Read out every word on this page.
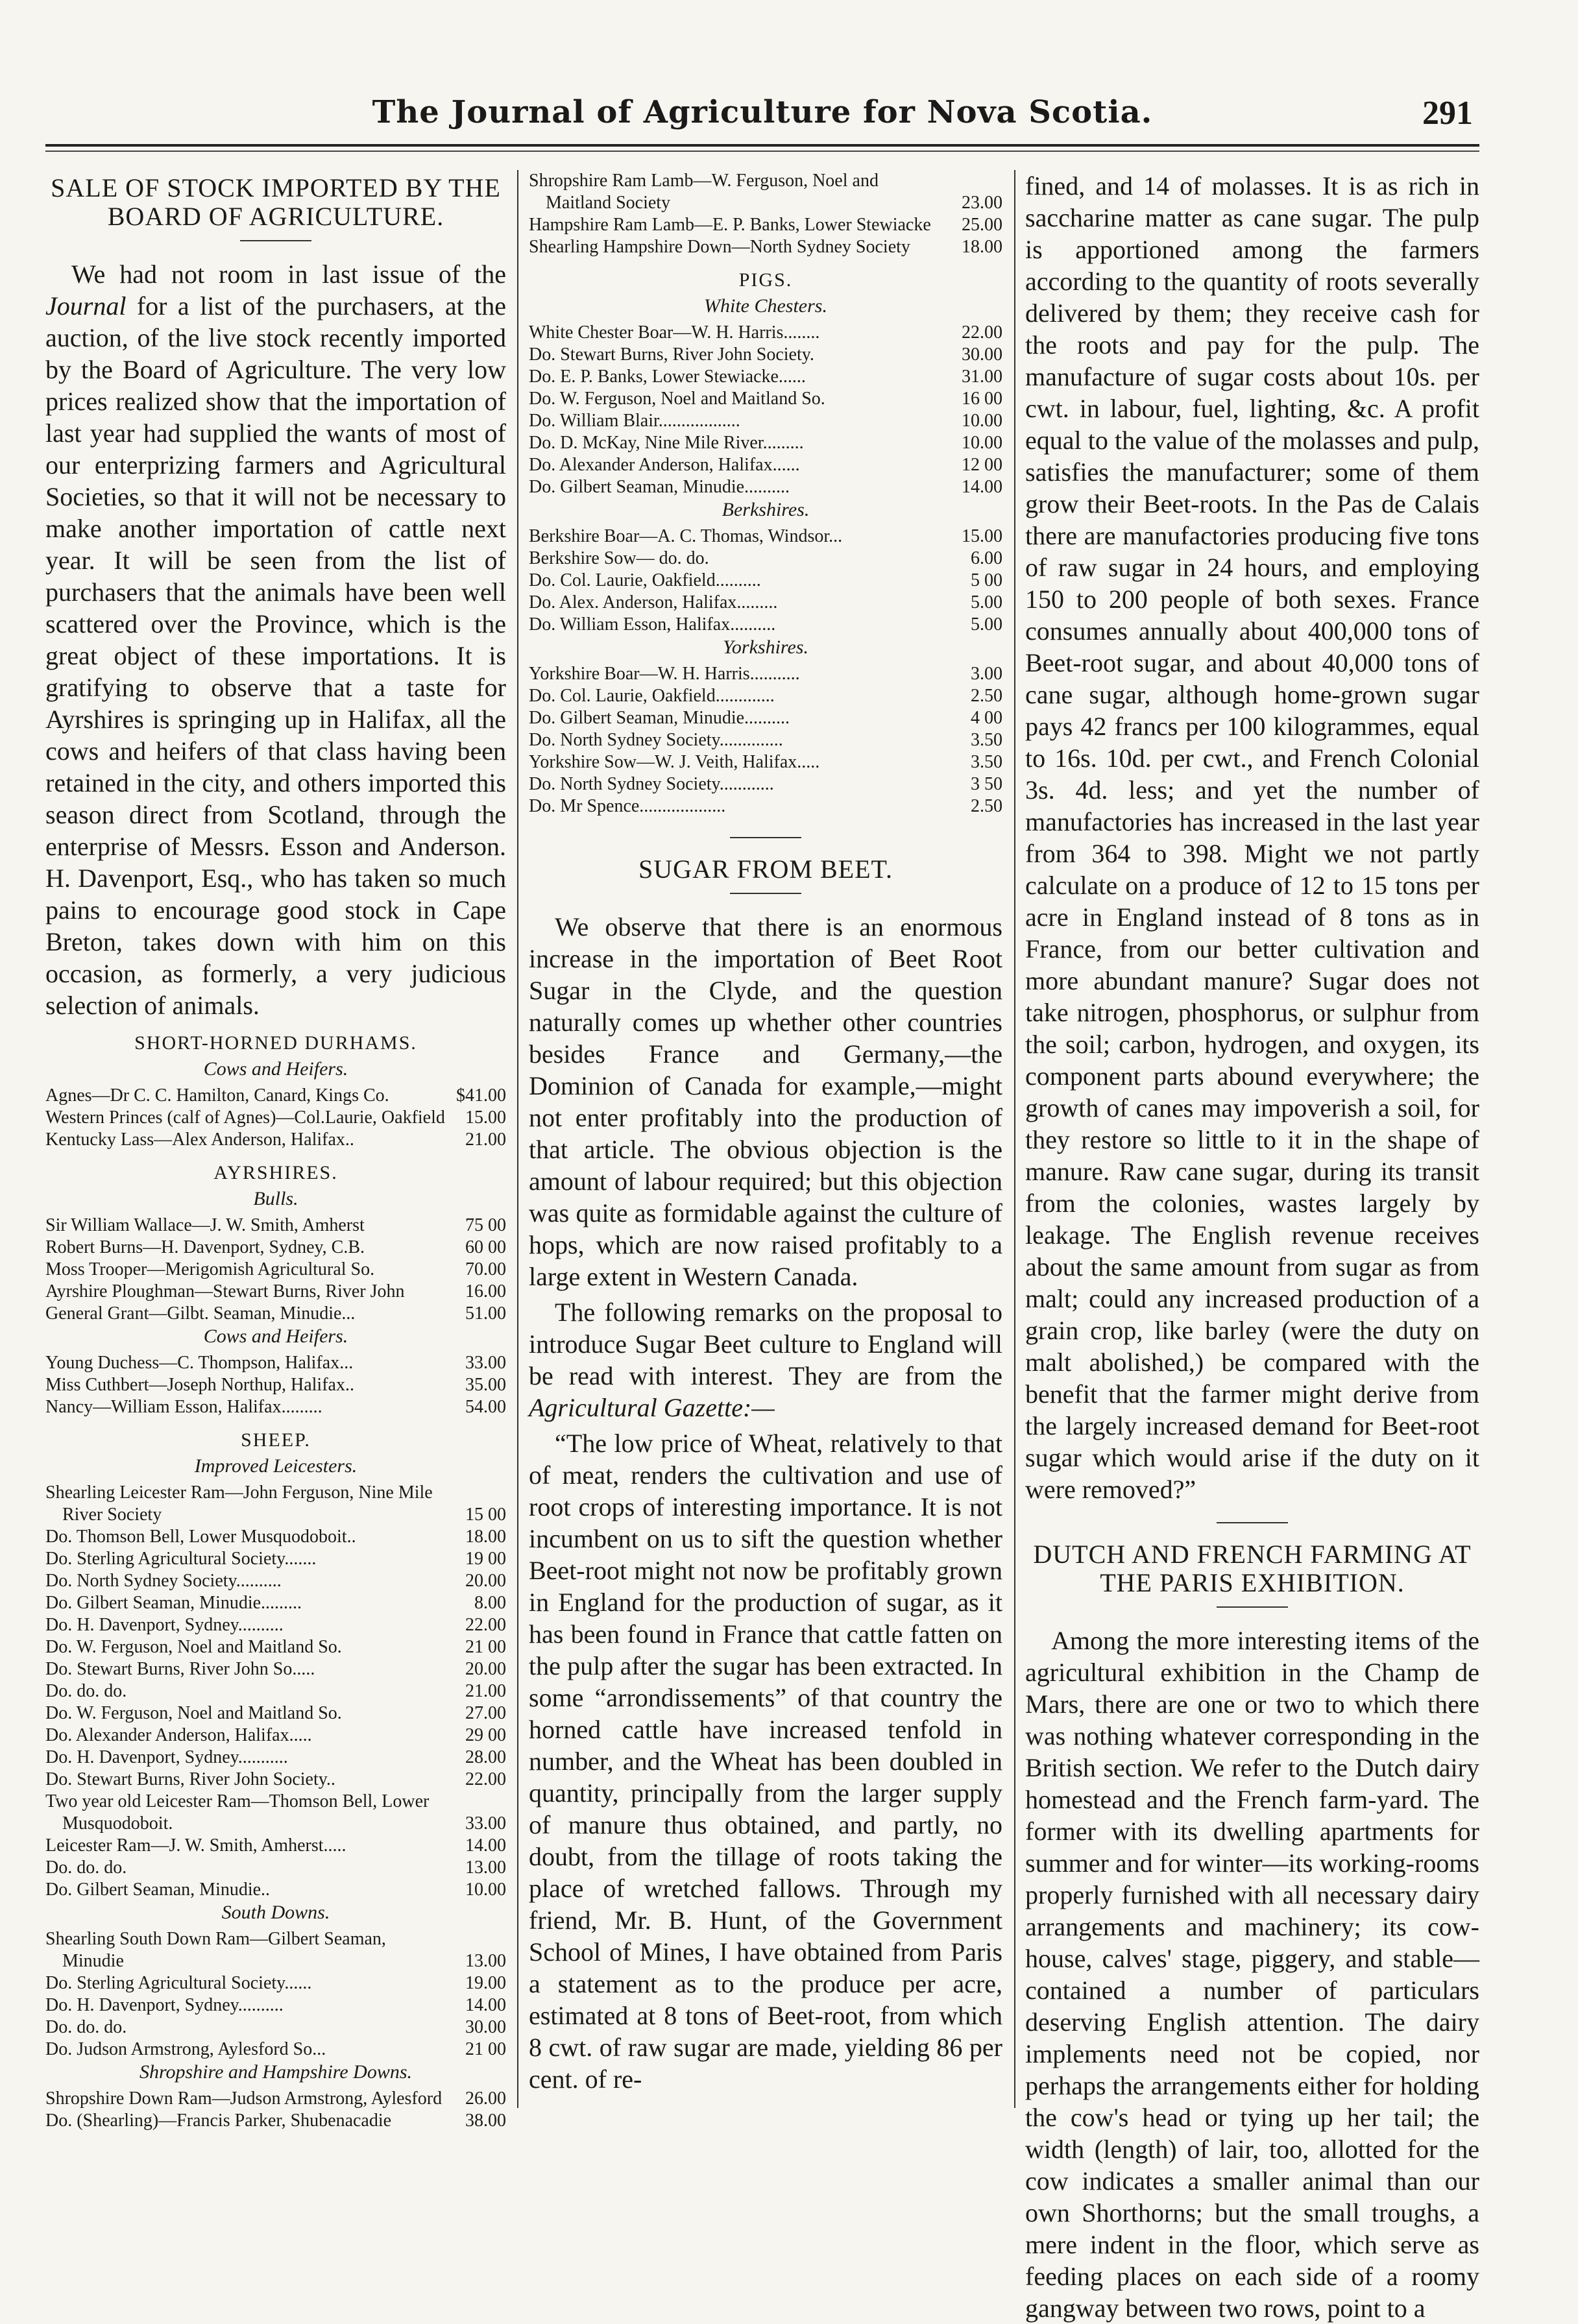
The Journal of Agriculture for Nova Scotia.	291
SALE OF STOCK IMPORTED BY THE BOARD OF AGRICULTURE.

We had not room in last issue of the Journal for a list of the purchasers, at the auction, of the live stock recently imported by the Board of Agriculture. The very low prices realized show that the importation of last year had supplied the wants of most of our enterprizing farmers and Agricultural Societies, so that it will not be necessary to make another importation of cattle next year. It will be seen from the list of purchasers that the animals have been well scattered over the Province, which is the great object of these importations. It is gratifying to observe that a taste for Ayrshires is springing up in Halifax, all the cows and heifers of that class having been retained in the city, and others imported this season direct from Scotland, through the enterprise of Messrs. Esson and Anderson. H. Davenport, Esq., who has taken so much pains to encourage good stock in Cape Breton, takes down with him on this occasion, as formerly, a very judicious selection of animals.

SHORT-HORNED DURHAMS.
Cows and Heifers.
Agnes—Dr C. C. Hamilton, Canard, Kings Co.	$41.00
Western Princes (calf of Agnes)—Col.Laurie, Oakfield	15.00
Kentucky Lass—Alex Anderson, Halifax..	21.00
AYRSHIRES.
Bulls.
Sir William Wallace—J. W. Smith, Amherst	75 00
Robert Burns—H. Davenport, Sydney, C.B.	60 00
Moss Trooper—Merigomish Agricultural So.	70.00
Ayrshire Ploughman—Stewart Burns, River John	16.00
General Grant—Gilbt. Seaman, Minudie...	51.00
Cows and Heifers.
Young Duchess—C. Thompson, Halifax...	33.00
Miss Cuthbert—Joseph Northup, Halifax..	35.00
Nancy—William Esson, Halifax.........	54.00
SHEEP.
Improved Leicesters.
Shearling Leicester Ram—John Ferguson, Nine Mile River Society	15 00
Do. Thomson Bell, Lower Musquodoboit..	18.00
Do. Sterling Agricultural Society.......	19 00
Do. North Sydney Society..........	20.00
Do. Gilbert Seaman, Minudie.........	8.00
Do. H. Davenport, Sydney..........	22.00
Do. W. Ferguson, Noel and Maitland So.	21 00
Do. Stewart Burns, River John So.....	20.00
Do. do. do.	21.00
Do. W. Ferguson, Noel and Maitland So.	27.00
Do. Alexander Anderson, Halifax.....	29 00
Do. H. Davenport, Sydney...........	28.00
Do. Stewart Burns, River John Society..	22.00
Two year old Leicester Ram—Thomson Bell, Lower Musquodoboit.	33.00
Leicester Ram—J. W. Smith, Amherst.....	14.00
Do. do. do.	13.00
Do. Gilbert Seaman, Minudie..	10.00
South Downs.
Shearling South Down Ram—Gilbert Seaman, Minudie	13.00
Do. Sterling Agricultural Society......	19.00
Do. H. Davenport, Sydney..........	14.00
Do. do. do.	30.00
Do. Judson Armstrong, Aylesford So...	21 00
Shropshire and Hampshire Downs.
Shropshire Down Ram—Judson Armstrong, Aylesford	26.00
Do. (Shearling)—Francis Parker, Shubenacadie	38.00
Shropshire Ram Lamb—W. Ferguson, Noel and Maitland Society	23.00
Hampshire Ram Lamb—E. P. Banks, Lower Stewiacke	25.00
Shearling Hampshire Down—North Sydney Society	18.00
PIGS.
White Chesters.
White Chester Boar—W. H. Harris........	22.00
Do. Stewart Burns, River John Society.	30.00
Do. E. P. Banks, Lower Stewiacke......	31.00
Do. W. Ferguson, Noel and Maitland So.	16 00
Do. William Blair..................	10.00
Do. D. McKay, Nine Mile River.........	10.00
Do. Alexander Anderson, Halifax......	12 00
Do. Gilbert Seaman, Minudie..........	14.00
Berkshires.
Berkshire Boar—A. C. Thomas, Windsor...	15.00
Berkshire Sow— do. do.	6.00
Do. Col. Laurie, Oakfield..........	5 00
Do. Alex. Anderson, Halifax.........	5.00
Do. William Esson, Halifax..........	5.00
Yorkshires.
Yorkshire Boar—W. H. Harris...........	3.00
Do. Col. Laurie, Oakfield.............	2.50
Do. Gilbert Seaman, Minudie..........	4 00
Do. North Sydney Society..............	3.50
Yorkshire Sow—W. J. Veith, Halifax.....	3.50
Do. North Sydney Society............	3 50
Do. Mr Spence...................	2.50
SUGAR FROM BEET.

We observe that there is an enormous increase in the importation of Beet Root Sugar in the Clyde, and the question naturally comes up whether other countries besides France and Germany,—the Dominion of Canada for example,—might not enter profitably into the production of that article. The obvious objection is the amount of labour required; but this objection was quite as formidable against the culture of hops, which are now raised profitably to a large extent in Western Canada.

The following remarks on the proposal to introduce Sugar Beet culture to England will be read with interest. They are from the Agricultural Gazette:—

“The low price of Wheat, relatively to that of meat, renders the cultivation and use of root crops of interesting importance. It is not incumbent on us to sift the question whether Beet-root might not now be profitably grown in England for the production of sugar, as it has been found in France that cattle fatten on the pulp after the sugar has been extracted. In some “arrondissements” of that country the horned cattle have increased tenfold in number, and the Wheat has been doubled in quantity, principally from the larger supply of manure thus obtained, and partly, no doubt, from the tillage of roots taking the place of wretched fallows. Through my friend, Mr. B. Hunt, of the Government School of Mines, I have obtained from Paris a statement as to the produce per acre, estimated at 8 tons of Beet-root, from which 8 cwt. of raw sugar are made, yielding 86 per cent. of re-

fined, and 14 of molasses. It is as rich in saccharine matter as cane sugar. The pulp is apportioned among the farmers according to the quantity of roots severally delivered by them; they receive cash for the roots and pay for the pulp. The manufacture of sugar costs about 10s. per cwt. in labour, fuel, lighting, &c. A profit equal to the value of the molasses and pulp, satisfies the manufacturer; some of them grow their Beet-roots. In the Pas de Calais there are manufactories producing five tons of raw sugar in 24 hours, and employing 150 to 200 people of both sexes. France consumes annually about 400,000 tons of Beet-root sugar, and about 40,000 tons of cane sugar, although home-grown sugar pays 42 francs per 100 kilogrammes, equal to 16s. 10d. per cwt., and French Colonial 3s. 4d. less; and yet the number of manufactories has increased in the last year from 364 to 398. Might we not partly calculate on a produce of 12 to 15 tons per acre in England instead of 8 tons as in France, from our better cultivation and more abundant manure? Sugar does not take nitrogen, phosphorus, or sulphur from the soil; carbon, hydrogen, and oxygen, its component parts abound everywhere; the growth of canes may impoverish a soil, for they restore so little to it in the shape of manure. Raw cane sugar, during its transit from the colonies, wastes largely by leakage. The English revenue receives about the same amount from sugar as from malt; could any increased production of a grain crop, like barley (were the duty on malt abolished,) be compared with the benefit that the farmer might derive from the largely increased demand for Beet-root sugar which would arise if the duty on it were removed?”

DUTCH AND FRENCH FARMING AT THE PARIS EXHIBITION.

Among the more interesting items of the agricultural exhibition in the Champ de Mars, there are one or two to which there was nothing whatever corresponding in the British section. We refer to the Dutch dairy homestead and the French farm-yard. The former with its dwelling apartments for summer and for winter—its working-rooms properly furnished with all necessary dairy arrangements and machinery; its cow-house, calves' stage, piggery, and stable—contained a number of particulars deserving English attention. The dairy implements need not be copied, nor perhaps the arrangements either for holding the cow's head or tying up her tail; the width (length) of lair, too, allotted for the cow indicates a smaller animal than our own Shorthorns; but the small troughs, a mere indent in the floor, which serve as feeding places on each side of a roomy gangway between two rows, point to a
